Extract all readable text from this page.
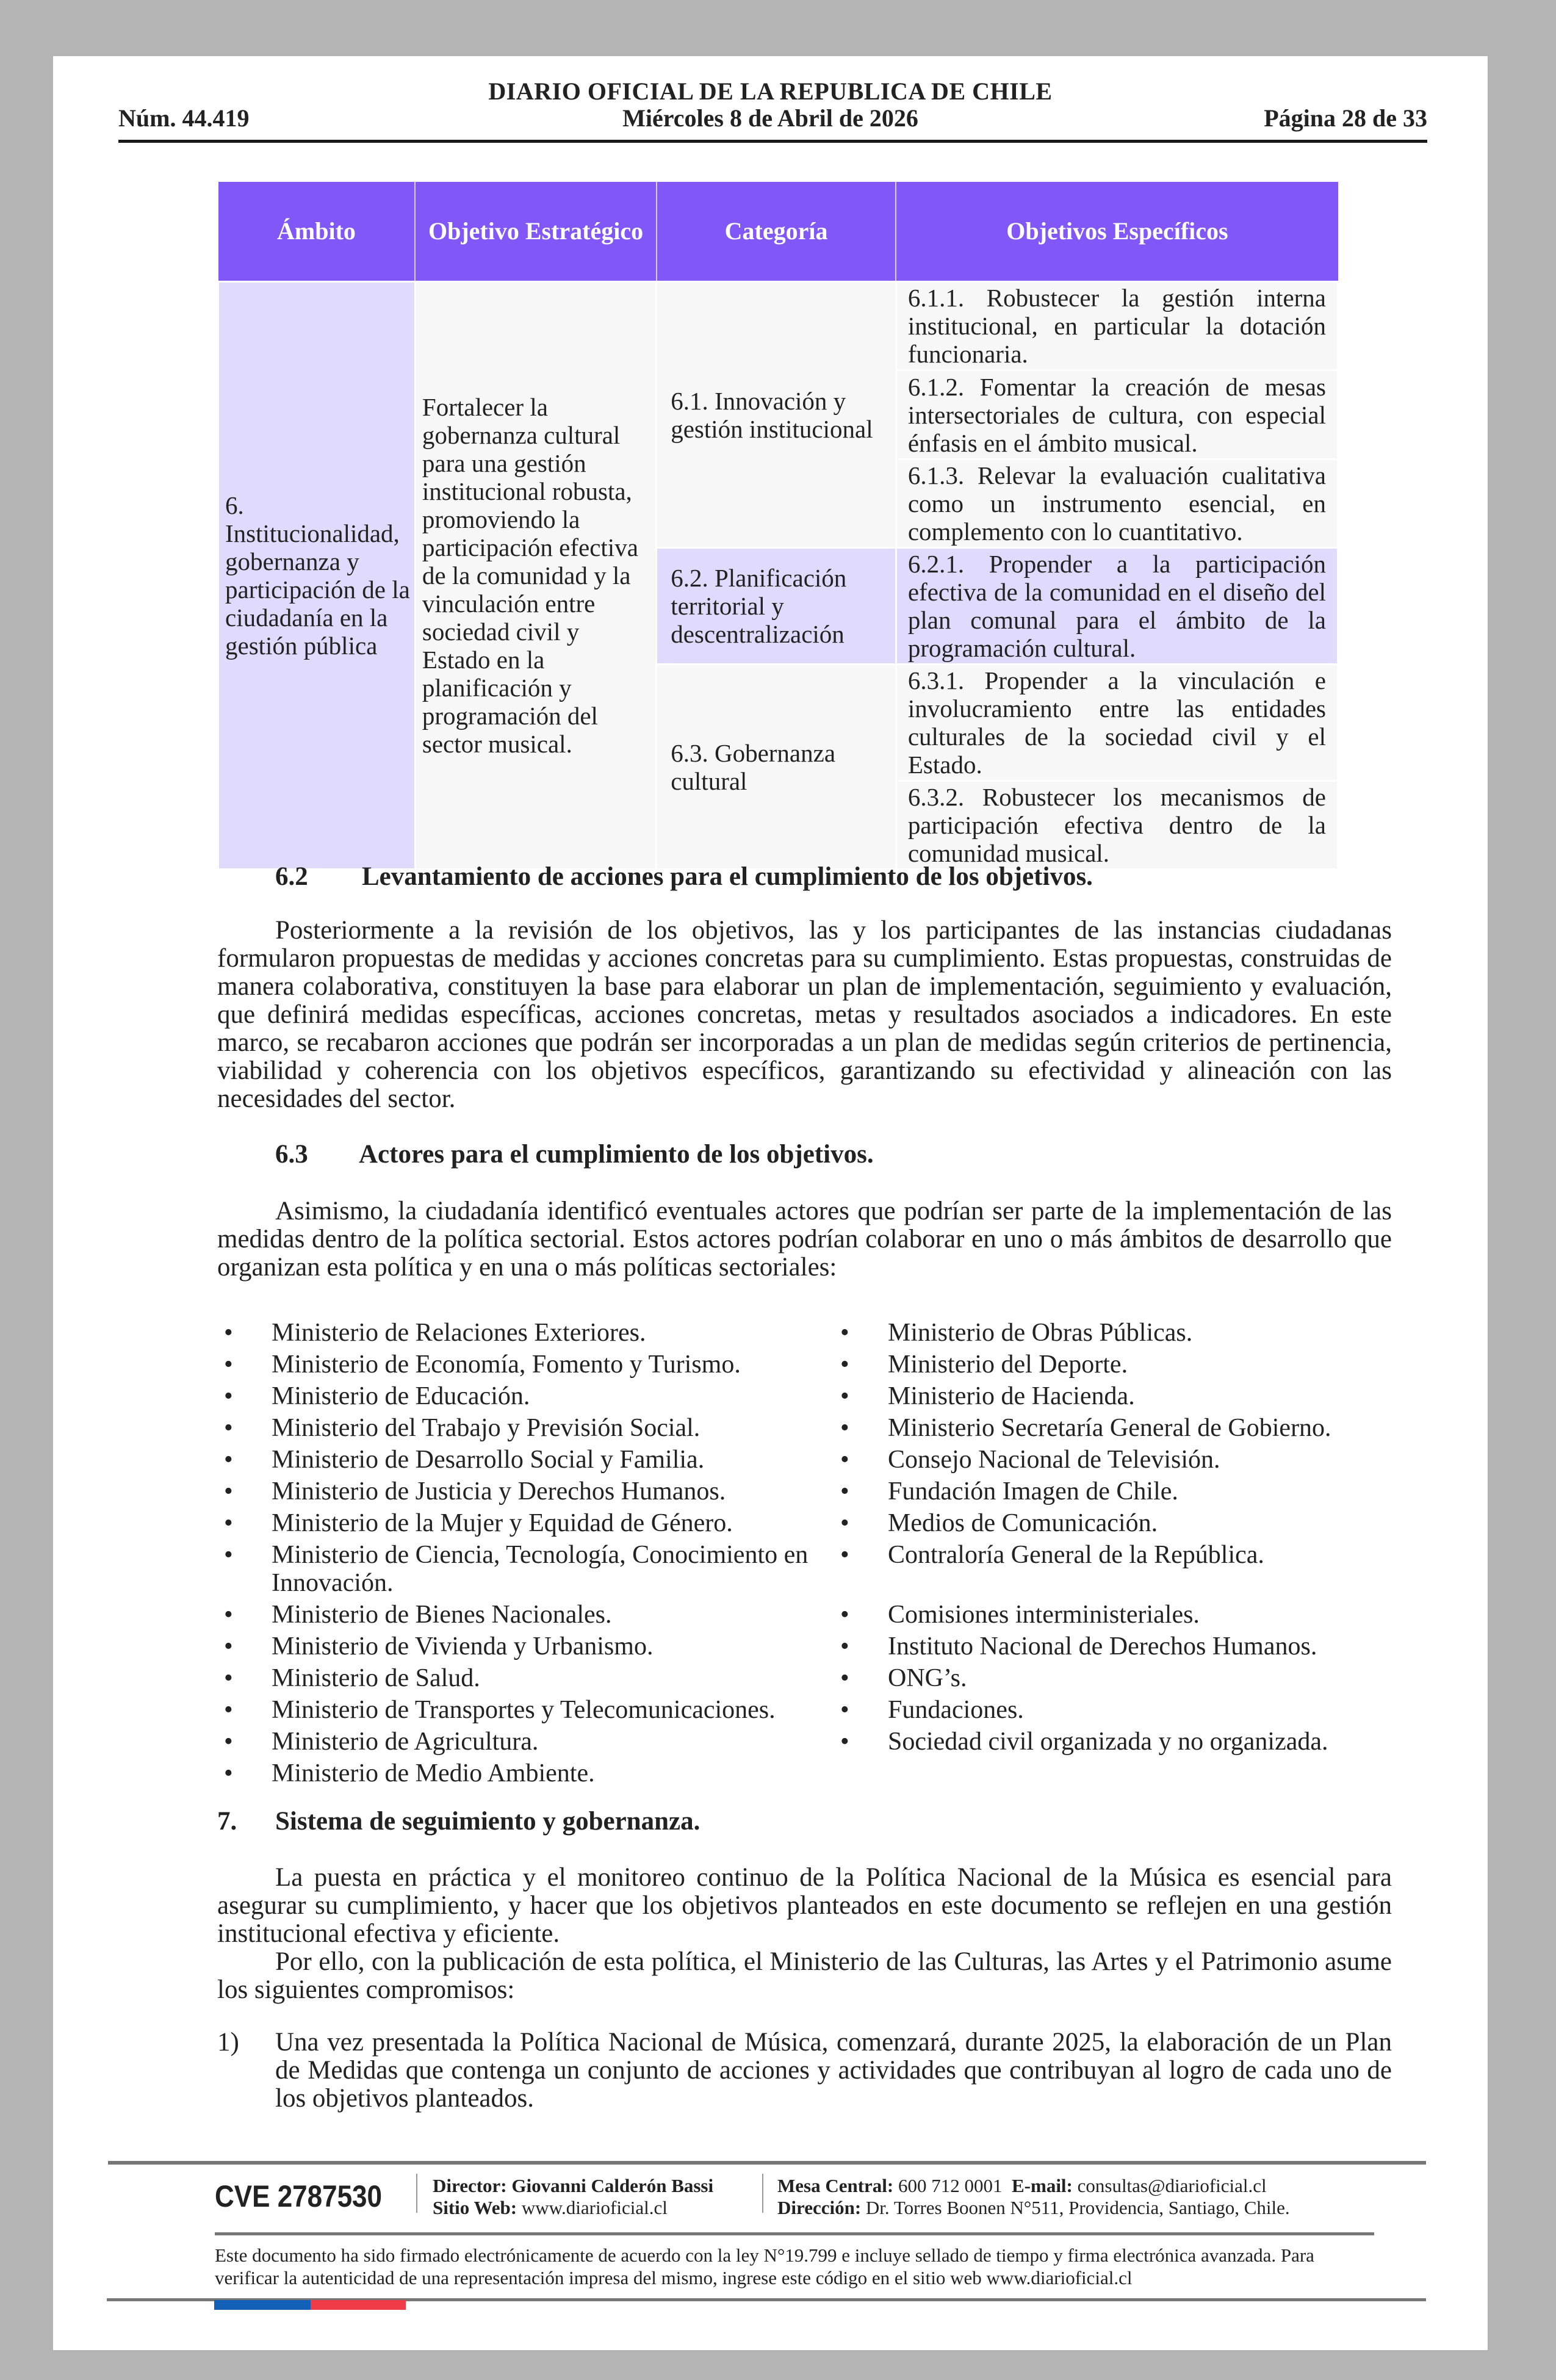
DIARIO OFICIAL DE LA REPUBLICA DE CHILE
Núm. 44.419	Miércoles 8 de Abril de 2026	Página 28 de 33
Ámbito	Objetivo Estratégico	Categoría	Objetivos Específicos
6. Institucionalidad, gobernanza y participación de la ciudadanía en la gestión pública	Fortalecer la gobernanza cultural para una gestión institucional robusta, promoviendo la participación efectiva de la comunidad y la vinculación entre sociedad civil y Estado en la planificación y programación del sector musical.	6.1. Innovación y gestión institucional	6.1.1. Robustecer la gestión interna institucional, en particular la dotación funcionaria.
			6.1.2. Fomentar la creación de mesas intersectoriales de cultura, con especial énfasis en el ámbito musical.
			6.1.3. Relevar la evaluación cualitativa como un instrumento esencial, en complemento con lo cuantitativo.
		6.2. Planificación territorial y descentralización	6.2.1. Propender a la participación efectiva de la comunidad en el diseño del plan comunal para el ámbito de la programación cultural.
		6.3. Gobernanza cultural	6.3.1. Propender a la vinculación e involucramiento entre las entidades culturales de la sociedad civil y el Estado.
			6.3.2. Robustecer los mecanismos de participación efectiva dentro de la comunidad musical.
6.2	Levantamiento de acciones para el cumplimiento de los objetivos.
Posteriormente a la revisión de los objetivos, las y los participantes de las instancias ciudadanas formularon propuestas de medidas y acciones concretas para su cumplimiento. Estas propuestas, construidas de manera colaborativa, constituyen la base para elaborar un plan de implementación, seguimiento y evaluación, que definirá medidas específicas, acciones concretas, metas y resultados asociados a indicadores. En este marco, se recabaron acciones que podrán ser incorporadas a un plan de medidas según criterios de pertinencia, viabilidad y coherencia con los objetivos específicos, garantizando su efectividad y alineación con las necesidades del sector.
6.3	Actores para el cumplimiento de los objetivos.
Asimismo, la ciudadanía identificó eventuales actores que podrían ser parte de la implementación de las medidas dentro de la política sectorial. Estos actores podrían colaborar en uno o más ámbitos de desarrollo que organizan esta política y en una o más políticas sectoriales:
•	Ministerio de Relaciones Exteriores.	•	Ministerio de Obras Públicas.
•	Ministerio de Economía, Fomento y Turismo.	•	Ministerio del Deporte.
•	Ministerio de Educación.	•	Ministerio de Hacienda.
•	Ministerio del Trabajo y Previsión Social.	•	Ministerio Secretaría General de Gobierno.
•	Ministerio de Desarrollo Social y Familia.	•	Consejo Nacional de Televisión.
•	Ministerio de Justicia y Derechos Humanos.	•	Fundación Imagen de Chile.
•	Ministerio de la Mujer y Equidad de Género.	•	Medios de Comunicación.
•	Ministerio de Ciencia, Tecnología, Conocimiento en Innovación.
•	Contraloría General de la República.
•	Ministerio de Bienes Nacionales.	•	Comisiones interministeriales.
•	Ministerio de Vivienda y Urbanismo.	•	Instituto Nacional de Derechos Humanos.
•	Ministerio de Salud.	•	ONG’s.
•	Ministerio de Transportes y Telecomunicaciones.	•	Fundaciones.
•	Ministerio de Agricultura.	•	Sociedad civil organizada y no organizada.
•	Ministerio de Medio Ambiente.
7.	Sistema de seguimiento y gobernanza.
La puesta en práctica y el monitoreo continuo de la Política Nacional de la Música es esencial para asegurar su cumplimiento, y hacer que los objetivos planteados en este documento se reflejen en una gestión institucional efectiva y eficiente.
Por ello, con la publicación de esta política, el Ministerio de las Culturas, las Artes y el Patrimonio asume los siguientes compromisos:
1)	Una vez presentada la Política Nacional de Música, comenzará, durante 2025, la elaboración de un Plan de Medidas que contenga un conjunto de acciones y actividades que contribuyan al logro de cada uno de los objetivos planteados.
CVE 2787530	Director: Giovanni Calderón Bassi
Sitio Web: www.diarioficial.cl
Mesa Central: 600 712 0001 E-mail: consultas@diarioficial.cl
Dirección: Dr. Torres Boonen N°511, Providencia, Santiago, Chile.
Este documento ha sido firmado electrónicamente de acuerdo con la ley N°19.799 e incluye sellado de tiempo y firma electrónica avanzada. Para verificar la autenticidad de una representación impresa del mismo, ingrese este código en el sitio web www.diarioficial.cl
